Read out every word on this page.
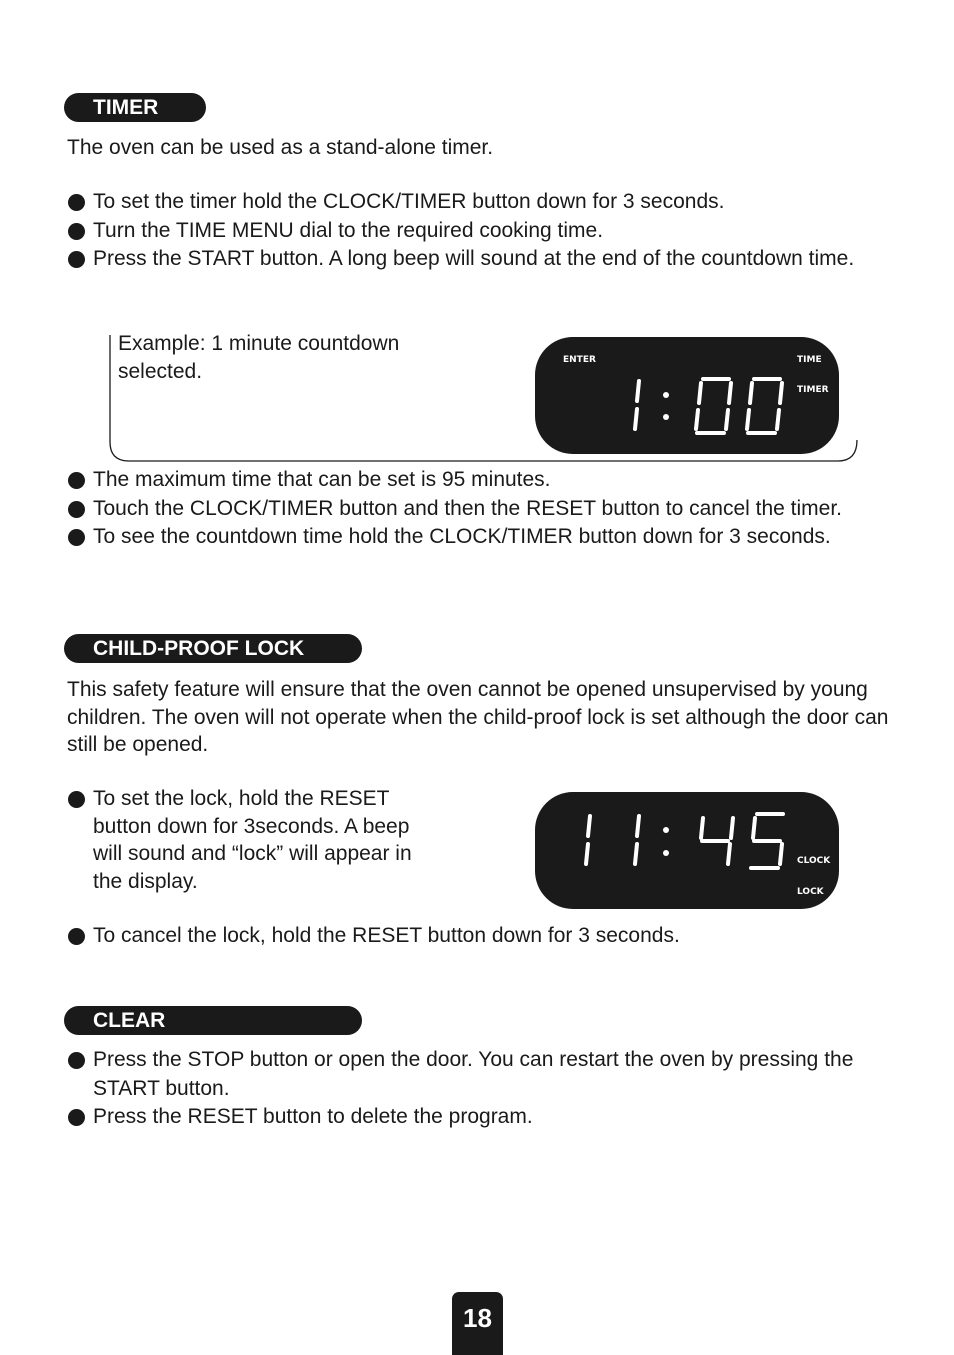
TIMER
The oven can be used as a stand-alone timer.
To set the timer hold the CLOCK/TIMER button down for 3 seconds.
Turn the TIME MENU dial to the required cooking time.
Press the START button. A long beep will sound at the end of the countdown time.
Example: 1 minute countdown
selected.	ENTER	TIME
TIMER
The maximum time that can be set is 95 minutes.
Touch the CLOCK/TIMER button and then the RESET button to cancel the timer.
To see the countdown time hold the CLOCK/TIMER button down for 3 seconds.
CHILD-PROOF LOCK
This safety feature will ensure that the oven cannot be opened unsupervised by young children. The oven will not operate when the child-proof lock is set although the door can still be opened.
To set the lock, hold the RESET
button down for 3seconds. A beep
will sound and “lock” will appear in
the display.
CLOCK
LOCK
To cancel the lock, hold the RESET button down for 3 seconds.
CLEAR
Press the STOP button or open the door. You can restart the oven by pressing the START button.
Press the RESET button to delete the program.
18
